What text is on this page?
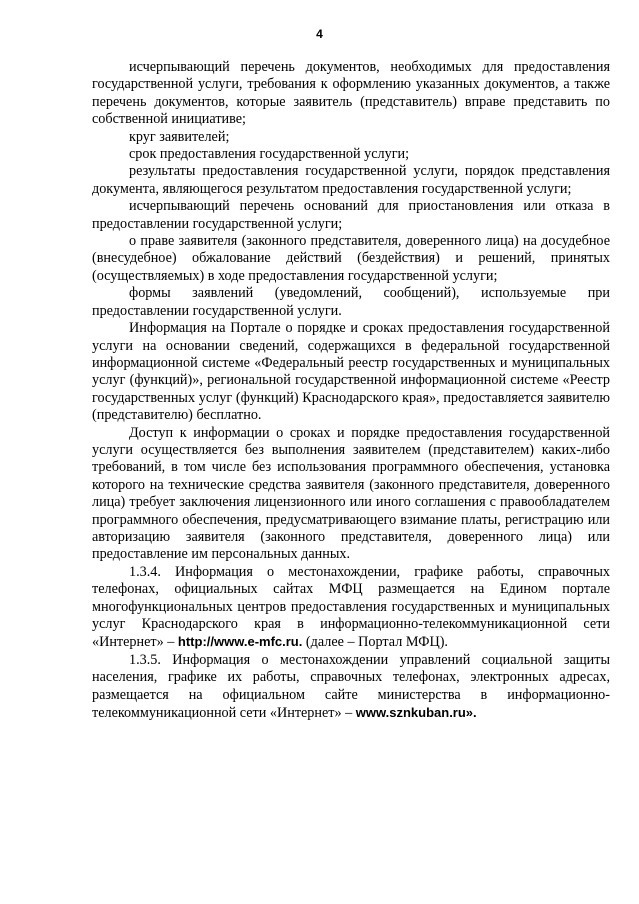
4

исчерпывающий перечень документов, необходимых для предоставления государственной услуги, требования к оформлению указанных документов, а также перечень документов, которые заявитель (представитель) вправе представить по собственной инициативе;

круг заявителей;

срок предоставления государственной услуги;

результаты предоставления государственной услуги, порядок представления документа, являющегося результатом предоставления государственной услуги;

исчерпывающий перечень оснований для приостановления или отказа в предоставлении государственной услуги;

о праве заявителя (законного представителя, доверенного лица) на досудебное (внесудебное) обжалование действий (бездействия) и решений, принятых (осуществляемых) в ходе предоставления государственной услуги;

формы заявлений (уведомлений, сообщений), используемые при предоставлении государственной услуги.

Информация на Портале о порядке и сроках предоставления государственной услуги на основании сведений, содержащихся в федеральной государственной информационной системе «Федеральный реестр государственных и муниципальных услуг (функций)», региональной государственной информационной системе «Реестр государственных услуг (функций) Краснодарского края», предоставляется заявителю (представителю) бесплатно.

Доступ к информации о сроках и порядке предоставления государственной услуги осуществляется без выполнения заявителем (представителем) каких-либо требований, в том числе без использования программного обеспечения, установка которого на технические средства заявителя (законного представителя, доверенного лица) требует заключения лицензионного или иного соглашения с правообладателем программного обеспечения, предусматривающего взимание платы, регистрацию или авторизацию заявителя (законного представителя, доверенного лица) или предоставление им персональных данных.

1.3.4. Информация о местонахождении, графике работы, справочных телефонах, официальных сайтах МФЦ размещается на Едином портале многофункциональных центров предоставления государственных и муниципальных услуг Краснодарского края в информационно-телекоммуникационной сети «Интернет» – http://www.e-mfc.ru. (далее – Портал МФЦ).

1.3.5. Информация о местонахождении управлений социальной защиты населения, графике их работы, справочных телефонах, электронных адресах, размещается на официальном сайте министерства в информационно-телекоммуникационной сети «Интернет» – www.sznkuban.ru».
